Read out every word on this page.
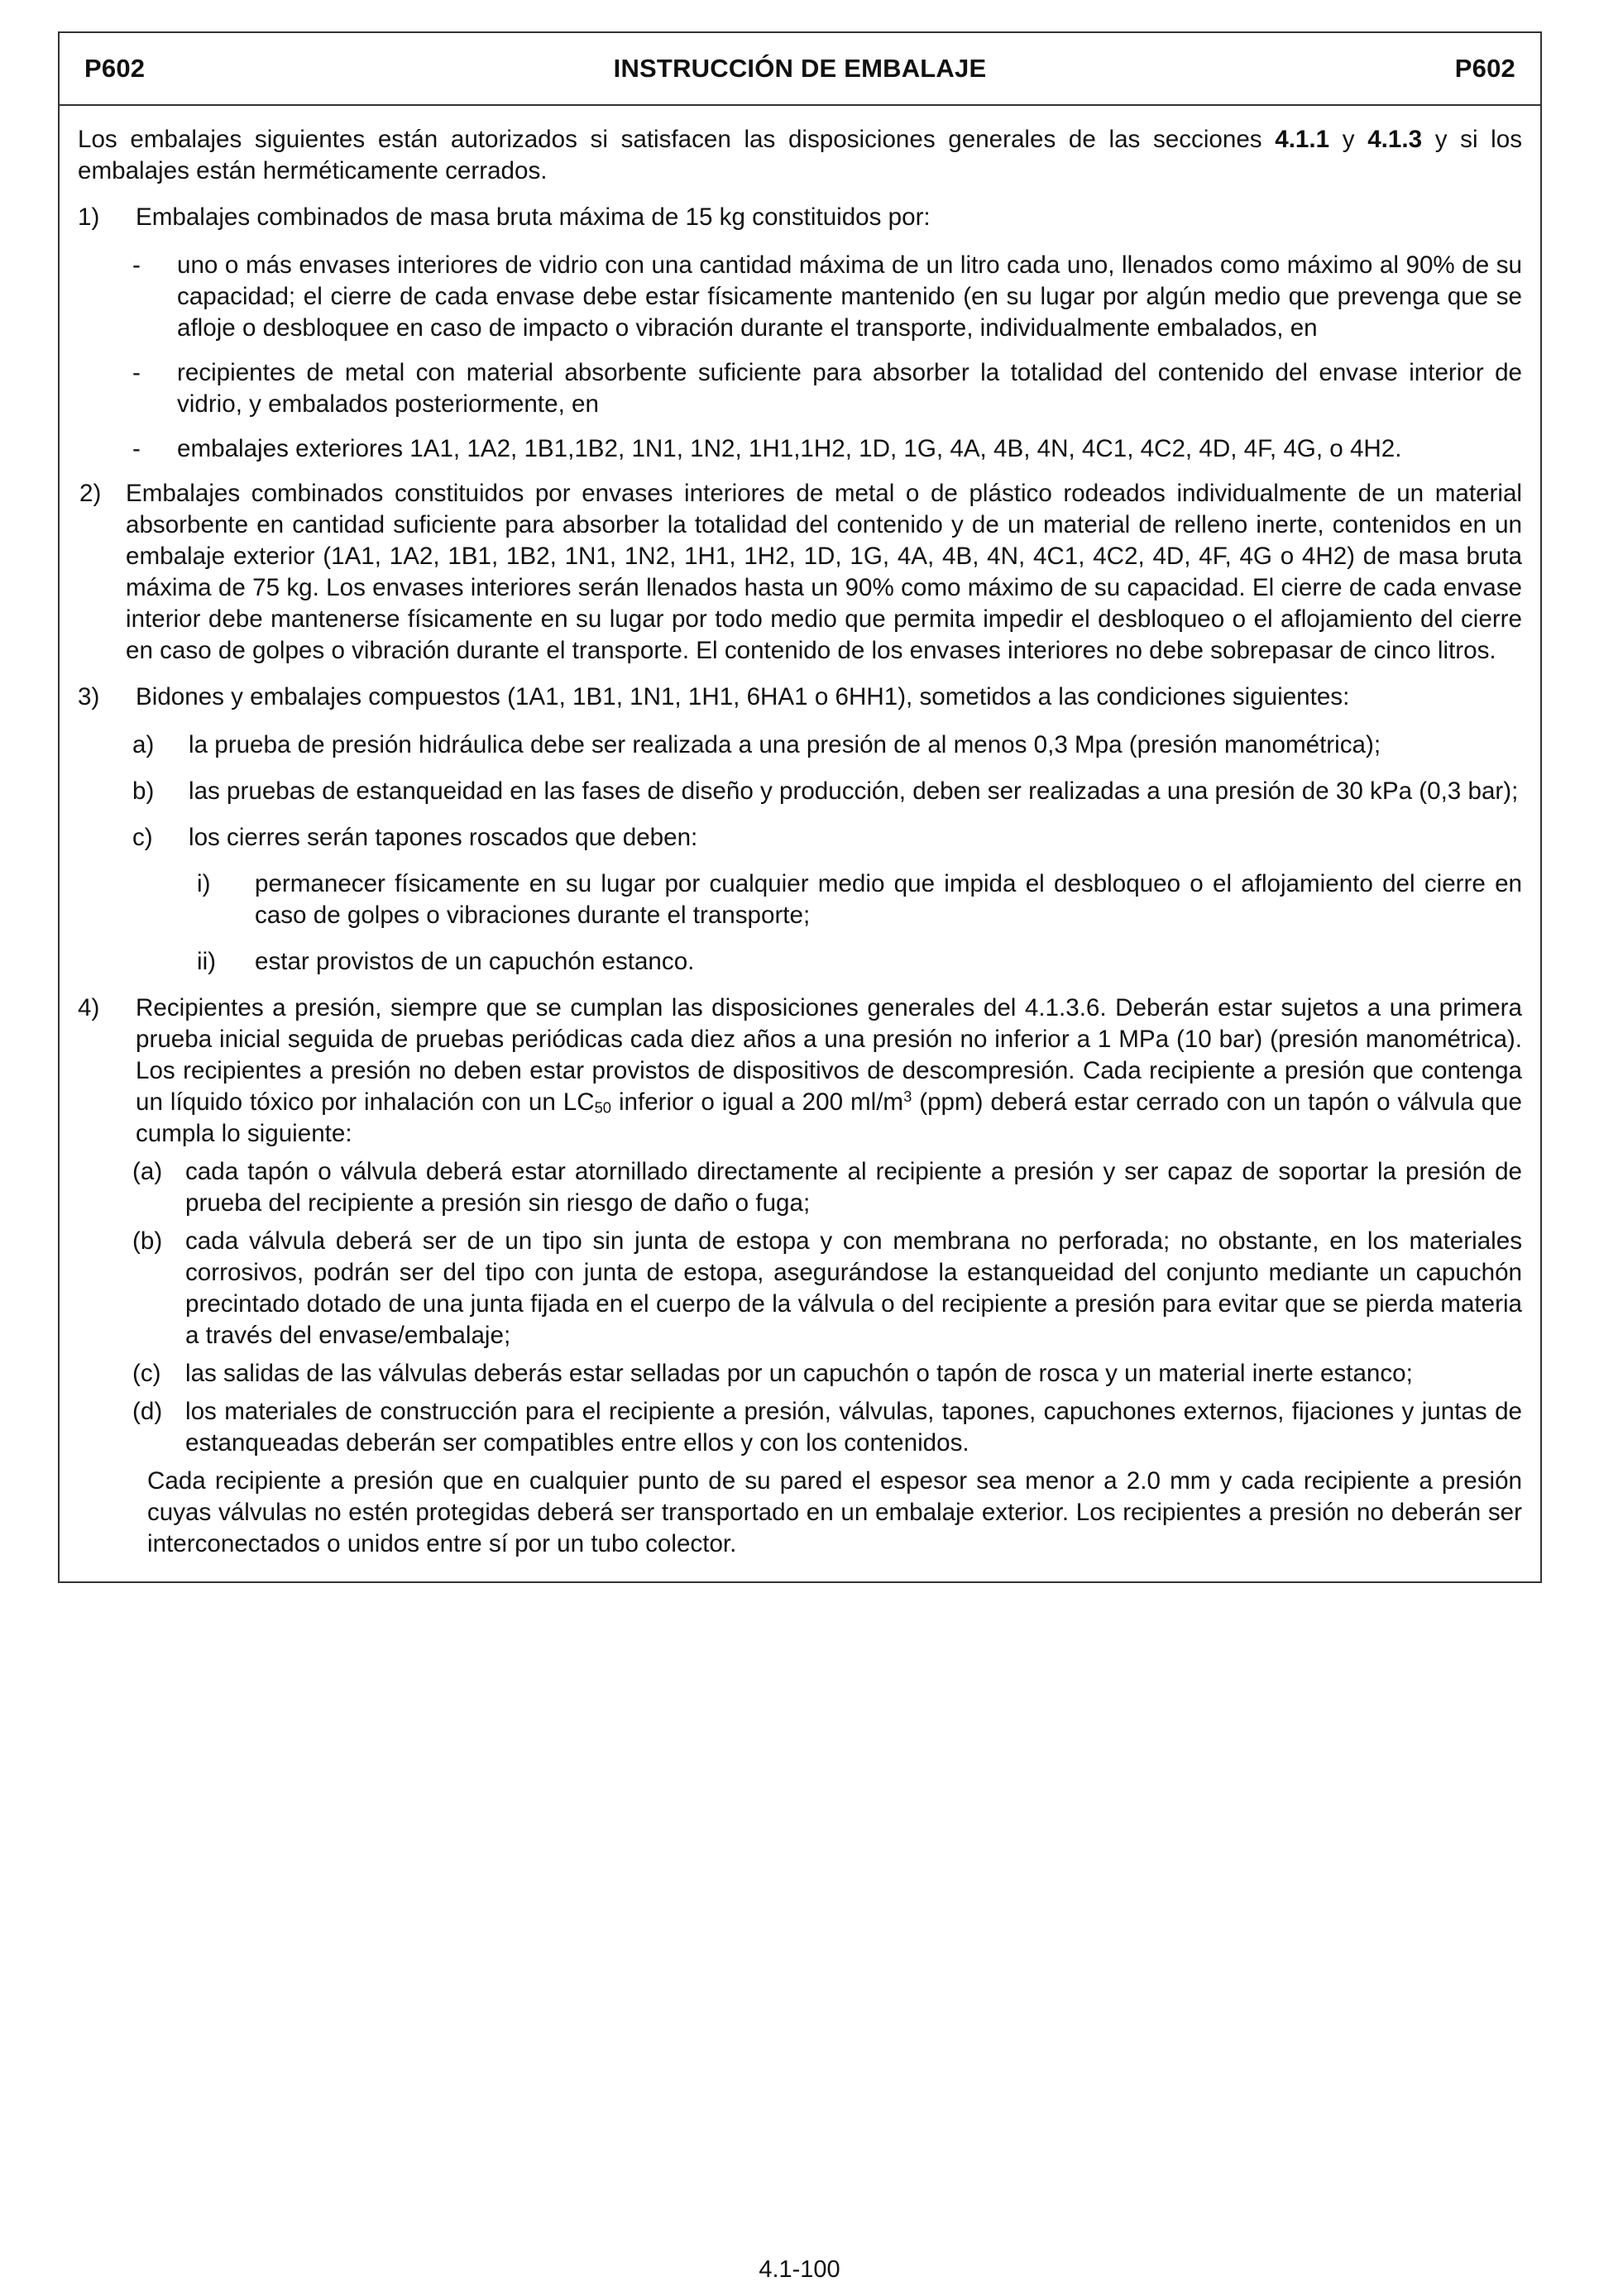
P602	INSTRUCCIÓN DE EMBALAJE	P602

Los embalajes siguientes están autorizados si satisfacen las disposiciones generales de las secciones 4.1.1 y 4.1.3 y si los embalajes están herméticamente cerrados.

1)	Embalajes combinados de masa bruta máxima de 15 kg constituidos por:
-	uno o más envases interiores de vidrio con una cantidad máxima de un litro cada uno, llenados como máximo al 90% de su capacidad; el cierre de cada envase debe estar físicamente mantenido (en su lugar por algún medio que prevenga que se afloje o desbloquee en caso de impacto o vibración durante el transporte, individualmente embalados, en
-	recipientes de metal con material absorbente suficiente para absorber la totalidad del contenido del envase interior de vidrio, y embalados posteriormente, en
-	embalajes exteriores 1A1, 1A2, 1B1,1B2, 1N1, 1N2, 1H1,1H2, 1D, 1G, 4A, 4B, 4N, 4C1, 4C2, 4D, 4F, 4G, o 4H2.
2)	Embalajes combinados constituidos por envases interiores de metal o de plástico rodeados individualmente de un material absorbente en cantidad suficiente para absorber la totalidad del contenido y de un material de relleno inerte, contenidos en un embalaje exterior (1A1, 1A2, 1B1, 1B2, 1N1, 1N2, 1H1, 1H2, 1D, 1G, 4A, 4B, 4N, 4C1, 4C2, 4D, 4F, 4G o 4H2) de masa bruta máxima de 75 kg. Los envases interiores serán llenados hasta un 90% como máximo de su capacidad. El cierre de cada envase interior debe mantenerse físicamente en su lugar por todo medio que permita impedir el desbloqueo o el aflojamiento del cierre en caso de golpes o vibración durante el transporte. El contenido de los envases interiores no debe sobrepasar de cinco litros.
3)	Bidones y embalajes compuestos (1A1, 1B1, 1N1, 1H1, 6HA1 o 6HH1), sometidos a las condiciones siguientes:
a)	la prueba de presión hidráulica debe ser realizada a una presión de al menos 0,3 Mpa (presión manométrica);
b)	las pruebas de estanqueidad en las fases de diseño y producción, deben ser realizadas a una presión de 30 kPa (0,3 bar);
c)	los cierres serán tapones roscados que deben:
i)	permanecer físicamente en su lugar por cualquier medio que impida el desbloqueo o el aflojamiento del cierre en caso de golpes o vibraciones durante el transporte;
ii)	estar provistos de un capuchón estanco.
4)	Recipientes a presión, siempre que se cumplan las disposiciones generales del 4.1.3.6. Deberán estar sujetos a una primera prueba inicial seguida de pruebas periódicas cada diez años a una presión no inferior a 1 MPa (10 bar) (presión manométrica). Los recipientes a presión no deben estar provistos de dispositivos de descompresión. Cada recipiente a presión que contenga un líquido tóxico por inhalación con un $LC_{50}$ inferior o igual a 200 $ml/m^3$ (ppm) deberá estar cerrado con un tapón o válvula que cumpla lo siguiente:
(a) cada tapón o válvula deberá estar atornillado directamente al recipiente a presión y ser capaz de soportar la presión de prueba del recipiente a presión sin riesgo de daño o fuga;
(b) cada válvula deberá ser de un tipo sin junta de estopa y con membrana no perforada; no obstante, en los materiales corrosivos, podrán ser del tipo con junta de estopa, asegurándose la estanqueidad del conjunto mediante un capuchón precintado dotado de una junta fijada en el cuerpo de la válvula o del recipiente a presión para evitar que se pierda materia a través del envase/embalaje;
(c) las salidas de las válvulas deberás estar selladas por un capuchón o tapón de rosca y un material inerte estanco;
(d) los materiales de construcción para el recipiente a presión, válvulas, tapones, capuchones externos, fijaciones y juntas de estanqueadas deberán ser compatibles entre ellos y con los contenidos.

Cada recipiente a presión que en cualquier punto de su pared el espesor sea menor a 2.0 mm y cada recipiente a presión cuyas válvulas no estén protegidas deberá ser transportado en un embalaje exterior. Los recipientes a presión no deberán ser interconectados o unidos entre sí por un tubo colector.

4.1-100
